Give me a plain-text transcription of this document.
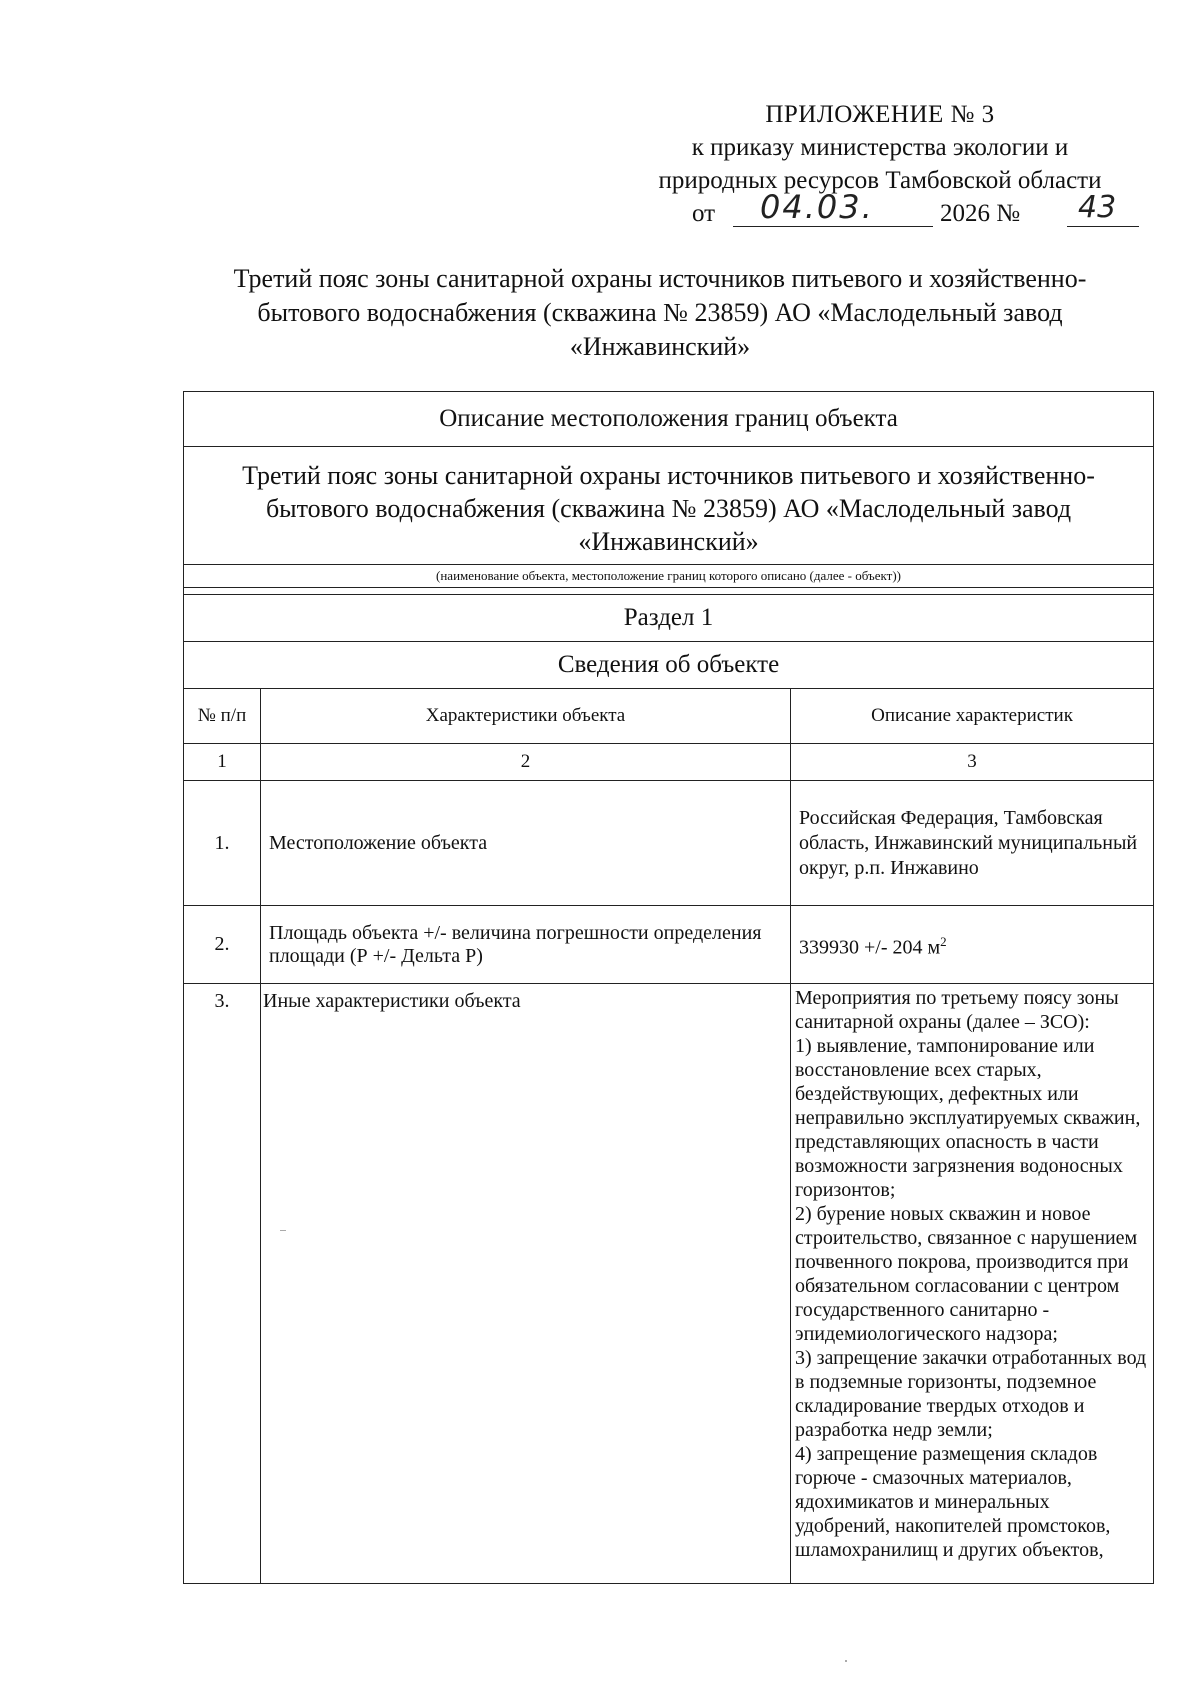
ПРИЛОЖЕНИЕ № 3
к приказу министерства экологии и
природных ресурсов Тамбовской области
от 04.03.	2026 № 43
Третий пояс зоны санитарной охраны источников питьевого и хозяйственно-бытового водоснабжения (скважина № 23859) АО «Маслодельный завод «Инжавинский»
Описание местоположения границ объекта		
Третий пояс зоны санитарной охраны источников питьевого и хозяйственно-бытового водоснабжения (скважина № 23859) АО «Маслодельный завод «Инжавинский»		
(наименование объекта, местоположение границ которого описано (далее - объект))		

Раздел 1		
Сведения об объекте		
№ п/п	Характеристики объекта	Описание характеристик
1	2	3
1.	Местоположение объекта	Российская Федерация, Тамбовская область, Инжавинский муниципальный округ, р.п. Инжавино
2.	Площадь объекта +/- величина погрешности определения площади (Р +/- Дельта Р)	339930 +/- 204 $м^2$
3.	Иные характеристики объекта	Мероприятия по третьему поясу зоны санитарной охраны (далее – ЗСО):
1) выявление, тампонирование или восстановление всех старых, бездействующих, дефектных или неправильно эксплуатируемых скважин, представляющих опасность в части возможности загрязнения водоносных горизонтов;
2) бурение новых скважин и новое строительство, связанное с нарушением почвенного покрова, производится при обязательном согласовании с центром государственного санитарно - эпидемиологического надзора;
3) запрещение закачки отработанных вод в подземные горизонты, подземное складирование твердых отходов и разработка недр земли;
4) запрещение размещения складов горюче - смазочных материалов, ядохимикатов и минеральных удобрений, накопителей промстоков, шламохранилищ и других объектов,
